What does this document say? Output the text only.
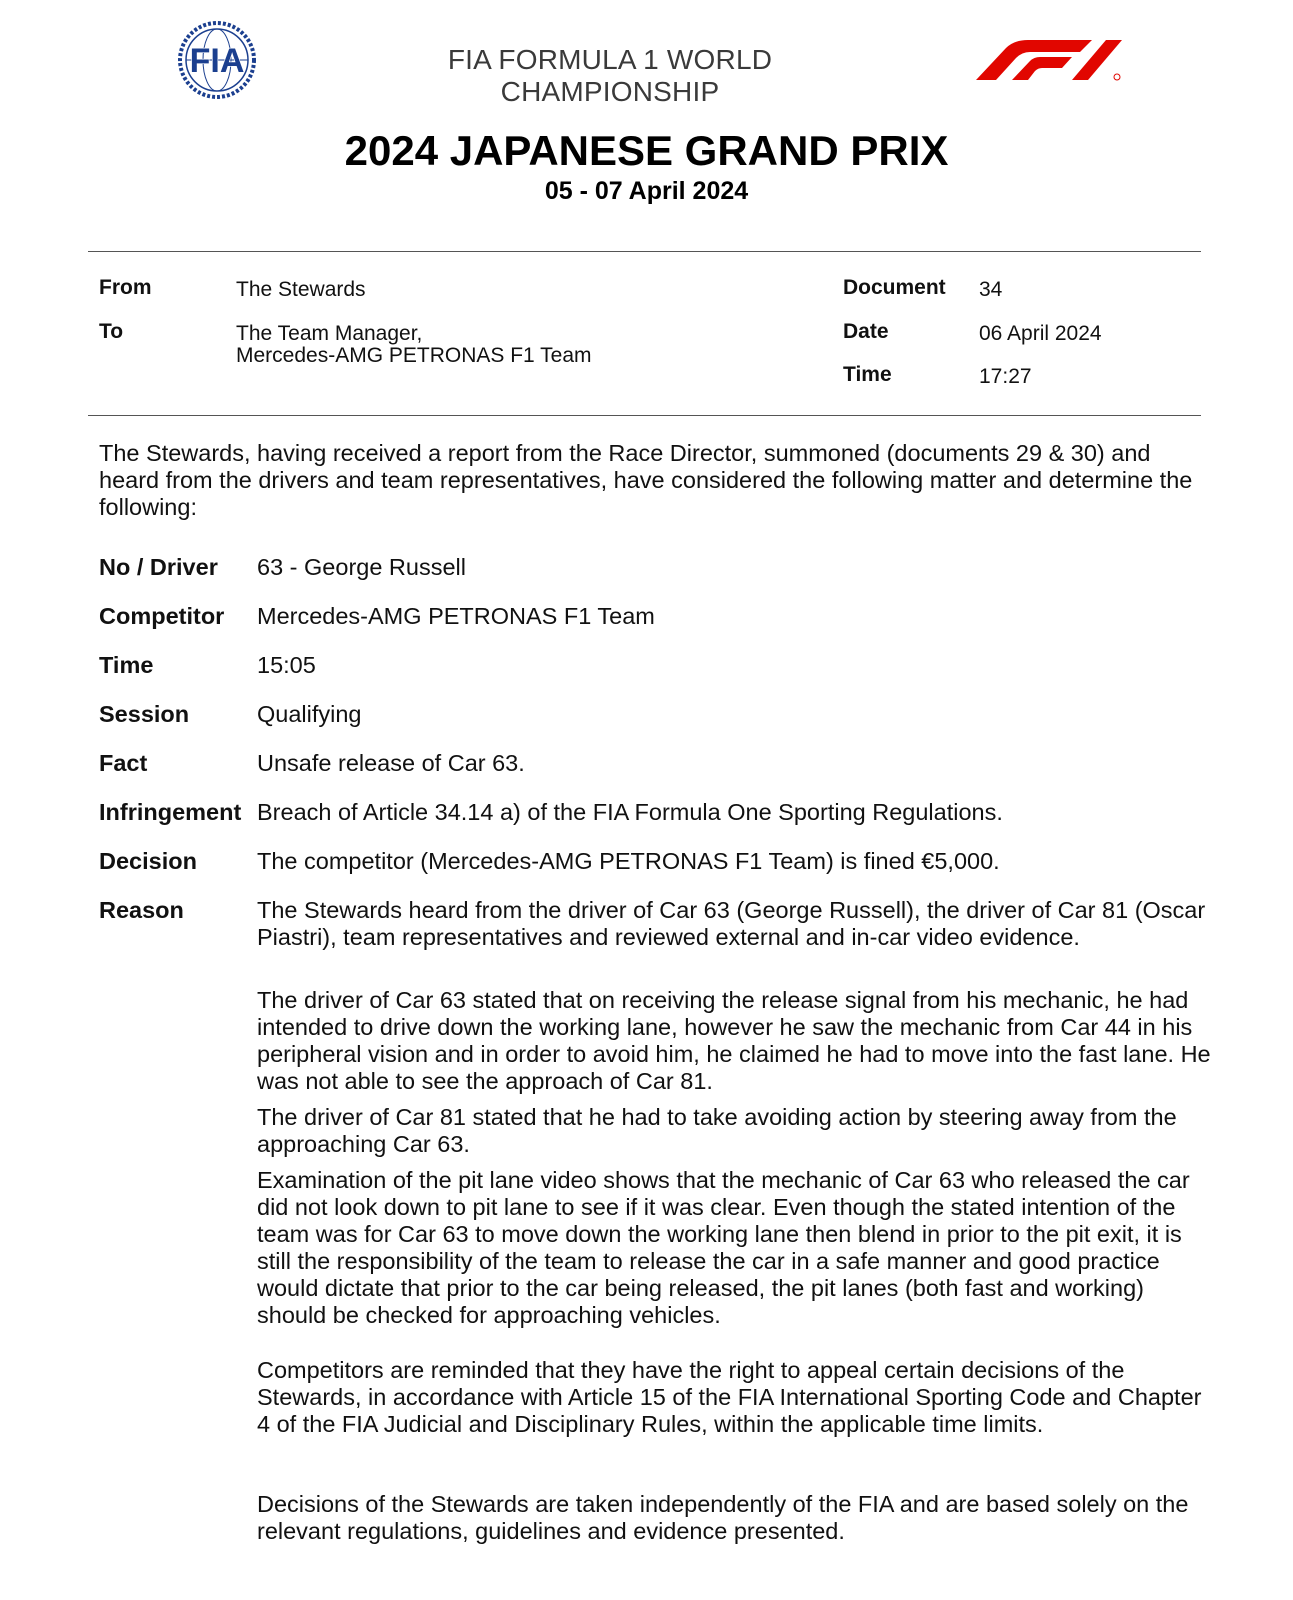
FIA	FIA FORMULA 1 WORLD CHAMPIONSHIP
2024 JAPANESE GRAND PRIX
05 - 07 April 2024
From	The Stewards
To	The Team Manager,
Mercedes-AMG PETRONAS F1 Team
Document 34
Date	06 April 2024
Time	17:27
The Stewards, having received a report from the Race Director, summoned (documents 29 & 30) and heard from the drivers and team representatives, have considered the following matter and determine the following:
No / Driver 63 - George Russell
Competitor Mercedes-AMG PETRONAS F1 Team
Time	15:05
Session	Qualifying
Fact	Unsafe release of Car 63.
Infringement Breach of Article 34.14 a) of the FIA Formula One Sporting Regulations.
Decision	The competitor (Mercedes-AMG PETRONAS F1 Team) is fined €5,000.
Reason	The Stewards heard from the driver of Car 63 (George Russell), the driver of Car 81 (Oscar Piastri), team representatives and reviewed external and in-car video evidence.
The driver of Car 63 stated that on receiving the release signal from his mechanic, he had intended to drive down the working lane, however he saw the mechanic from Car 44 in his peripheral vision and in order to avoid him, he claimed he had to move into the fast lane. He was not able to see the approach of Car 81.
The driver of Car 81 stated that he had to take avoiding action by steering away from the approaching Car 63.
Examination of the pit lane video shows that the mechanic of Car 63 who released the car did not look down to pit lane to see if it was clear. Even though the stated intention of the team was for Car 63 to move down the working lane then blend in prior to the pit exit, it is still the responsibility of the team to release the car in a safe manner and good practice would dictate that prior to the car being released, the pit lanes (both fast and working) should be checked for approaching vehicles.
Competitors are reminded that they have the right to appeal certain decisions of the Stewards, in accordance with Article 15 of the FIA International Sporting Code and Chapter 4 of the FIA Judicial and Disciplinary Rules, within the applicable time limits.
Decisions of the Stewards are taken independently of the FIA and are based solely on the relevant regulations, guidelines and evidence presented.
